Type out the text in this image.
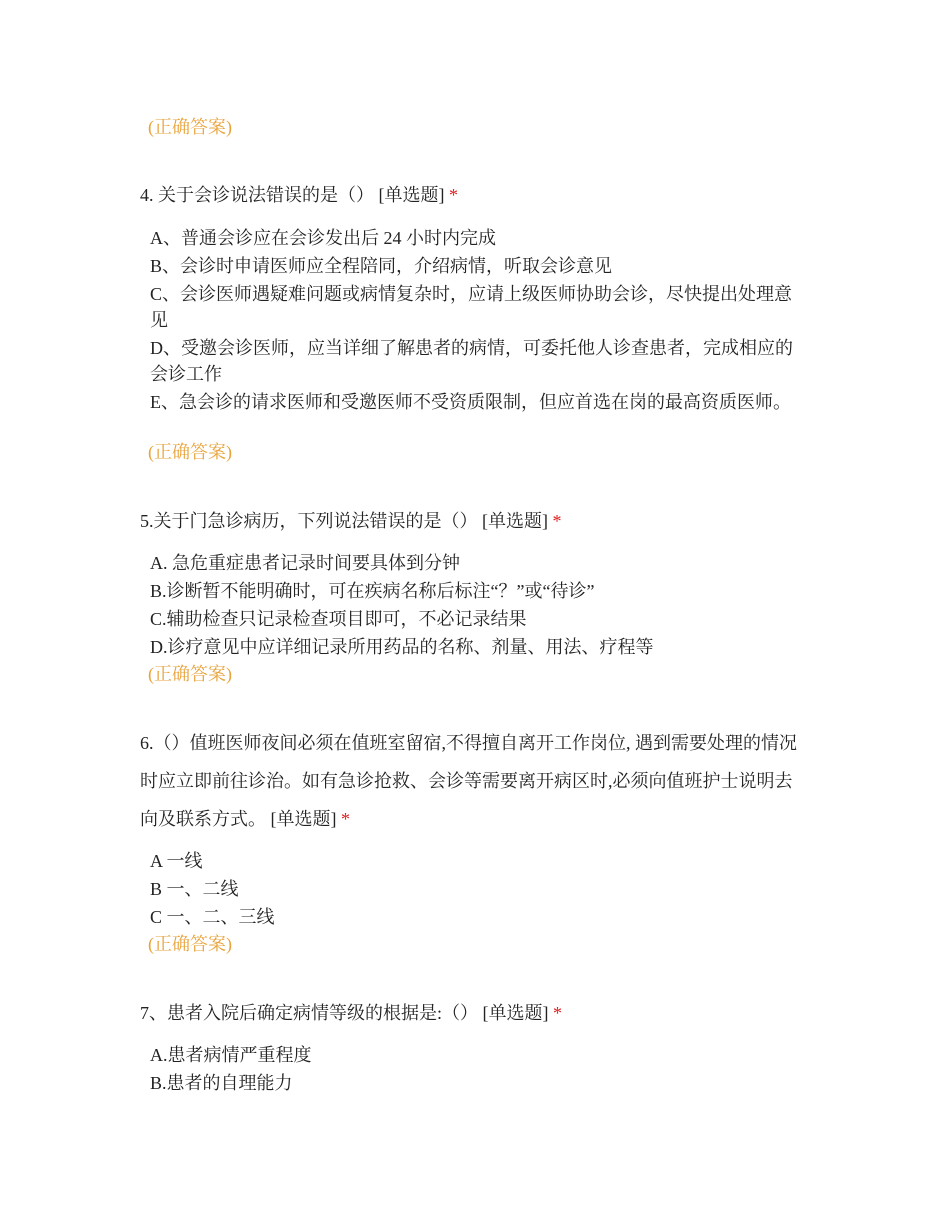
(正确答案)
4. 关于会诊说法错误的是（） [单选题] *
A、普通会诊应在会诊发出后 24 小时内完成
B、会诊时申请医师应全程陪同，介绍病情，听取会诊意见
C、会诊医师遇疑难问题或病情复杂时，应请上级医师协助会诊，尽快提出处理意见
D、受邀会诊医师，应当详细了解患者的病情，可委托他人诊查患者，完成相应的会诊工作
E、急会诊的请求医师和受邀医师不受资质限制，但应首选在岗的最高资质医师。
(正确答案)
5.关于门急诊病历，下列说法错误的是（） [单选题] *
A. 急危重症患者记录时间要具体到分钟
B.诊断暂不能明确时，可在疾病名称后标注“？”或“待诊”
C.辅助检查只记录检查项目即可，不必记录结果
D.诊疗意见中应详细记录所用药品的名称、剂量、用法、疗程等
(正确答案)
6.（）值班医师夜间必须在值班室留宿,不得擅自离开工作岗位, 遇到需要处理的情况时应立即前往诊治。如有急诊抢救、会诊等需要离开病区时,必须向值班护士说明去向及联系方式。 [单选题] *
A 一线
B 一、二线
C 一、二、三线
(正确答案)
7、患者入院后确定病情等级的根据是:（） [单选题] *
A.患者病情严重程度
B.患者的自理能力
